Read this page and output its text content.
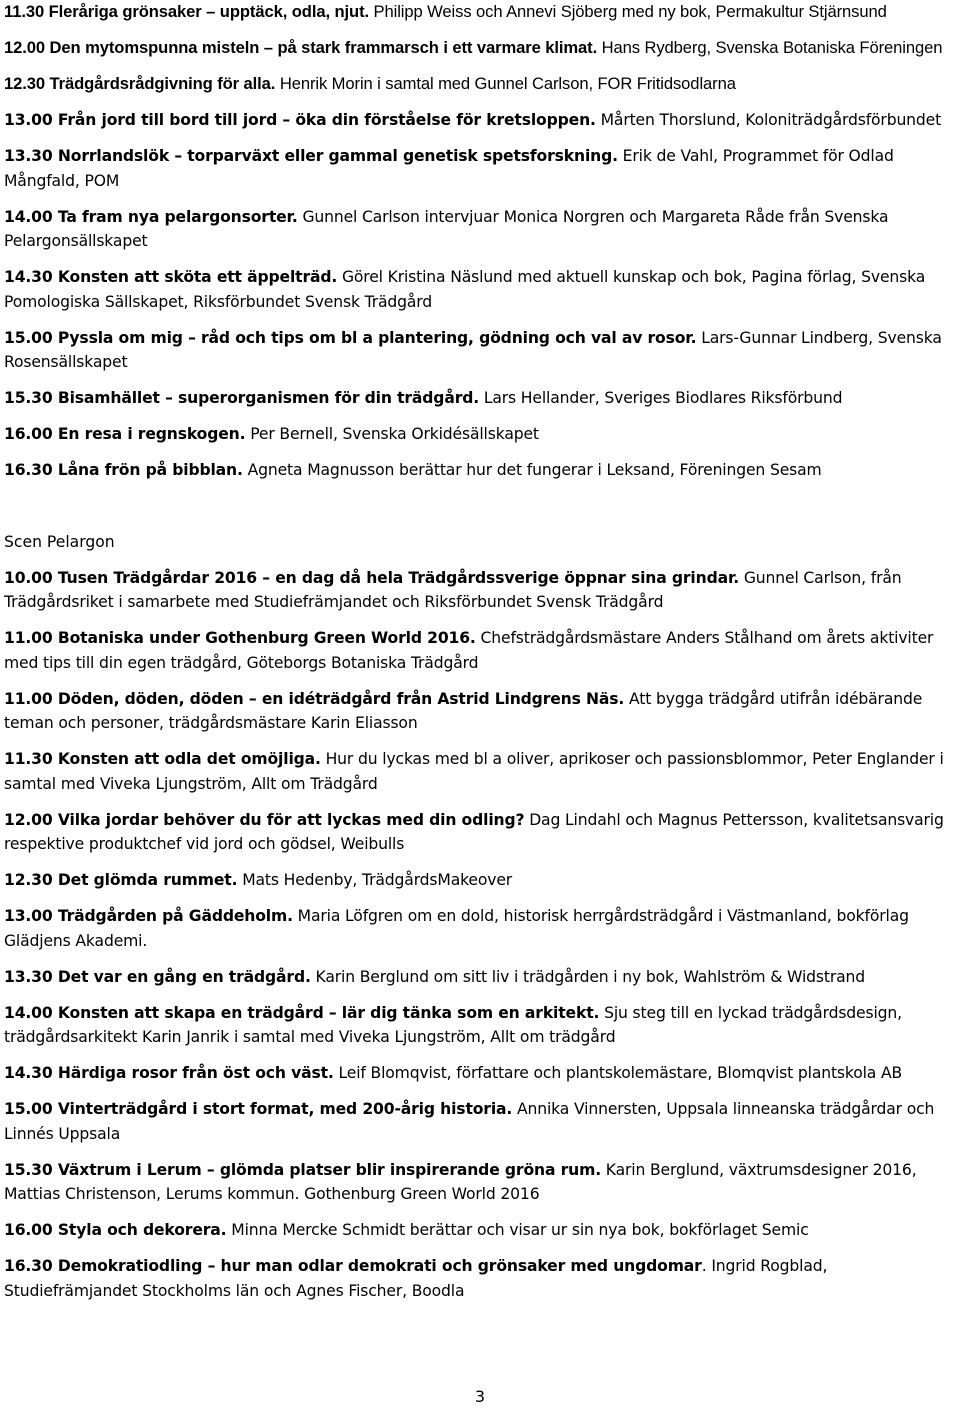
11.30 Fleråriga grönsaker – upptäck, odla, njut. Philipp Weiss och Annevi Sjöberg med ny bok, Permakultur Stjärnsund

12.00 Den mytomspunna misteln – på stark frammarsch i ett varmare klimat. Hans Rydberg, Svenska Botaniska Föreningen

12.30 Trädgårdsrådgivning för alla. Henrik Morin i samtal med Gunnel Carlson, FOR Fritidsodlarna

13.00 Från jord till bord till jord – öka din förståelse för kretsloppen. Mårten Thorslund, Koloniträdgårdsförbundet

13.30 Norrlandslök – torparväxt eller gammal genetisk spetsforskning. Erik de Vahl, Programmet för Odlad Mångfald, POM

14.00 Ta fram nya pelargonsorter. Gunnel Carlson intervjuar Monica Norgren och Margareta Råde från Svenska Pelargonsällskapet

14.30 Konsten att sköta ett äppelträd. Görel Kristina Näslund med aktuell kunskap och bok, Pagina förlag, Svenska Pomologiska Sällskapet, Riksförbundet Svensk Trädgård

15.00 Pyssla om mig – råd och tips om bl a plantering, gödning och val av rosor. Lars-Gunnar Lindberg, Svenska Rosensällskapet

15.30 Bisamhället – superorganismen för din trädgård. Lars Hellander, Sveriges Biodlares Riksförbund

16.00 En resa i regnskogen. Per Bernell, Svenska Orkidésällskapet

16.30 Låna frön på bibblan. Agneta Magnusson berättar hur det fungerar i Leksand, Föreningen Sesam

Scen Pelargon

10.00 Tusen Trädgårdar 2016 – en dag då hela Trädgårdssverige öppnar sina grindar. Gunnel Carlson, från Trädgårdsriket i samarbete med Studiefrämjandet och Riksförbundet Svensk Trädgård

11.00 Botaniska under Gothenburg Green World 2016. Chefsträdgårdsmästare Anders Stålhand om årets aktiviter med tips till din egen trädgård, Göteborgs Botaniska Trädgård

11.00 Döden, döden, döden – en idéträdgård från Astrid Lindgrens Näs. Att bygga trädgård utifrån idébärande teman och personer, trädgårdsmästare Karin Eliasson

11.30 Konsten att odla det omöjliga. Hur du lyckas med bl a oliver, aprikoser och passionsblommor, Peter Englander i samtal med Viveka Ljungström, Allt om Trädgård

12.00 Vilka jordar behöver du för att lyckas med din odling? Dag Lindahl och Magnus Pettersson, kvalitetsansvarig respektive produktchef vid jord och gödsel, Weibulls

12.30 Det glömda rummet. Mats Hedenby, TrädgårdsMakeover

13.00 Trädgården på Gäddeholm. Maria Löfgren om en dold, historisk herrgårdsträdgård i Västmanland, bokförlag Glädjens Akademi.

13.30 Det var en gång en trädgård. Karin Berglund om sitt liv i trädgården i ny bok, Wahlström & Widstrand

14.00 Konsten att skapa en trädgård – lär dig tänka som en arkitekt. Sju steg till en lyckad trädgårdsdesign, trädgårdsarkitekt Karin Janrik i samtal med Viveka Ljungström, Allt om trädgård

14.30 Härdiga rosor från öst och väst. Leif Blomqvist, författare och plantskolemästare, Blomqvist plantskola AB

15.00 Vinterträdgård i stort format, med 200-årig historia. Annika Vinnersten, Uppsala linneanska trädgårdar och Linnés Uppsala

15.30 Växtrum i Lerum – glömda platser blir inspirerande gröna rum. Karin Berglund, växtrumsdesigner 2016, Mattias Christenson, Lerums kommun. Gothenburg Green World 2016

16.00 Styla och dekorera. Minna Mercke Schmidt berättar och visar ur sin nya bok, bokförlaget Semic

16.30 Demokratiodling – hur man odlar demokrati och grönsaker med ungdomar. Ingrid Rogblad, Studiefrämjandet Stockholms län och Agnes Fischer, Boodla

3
